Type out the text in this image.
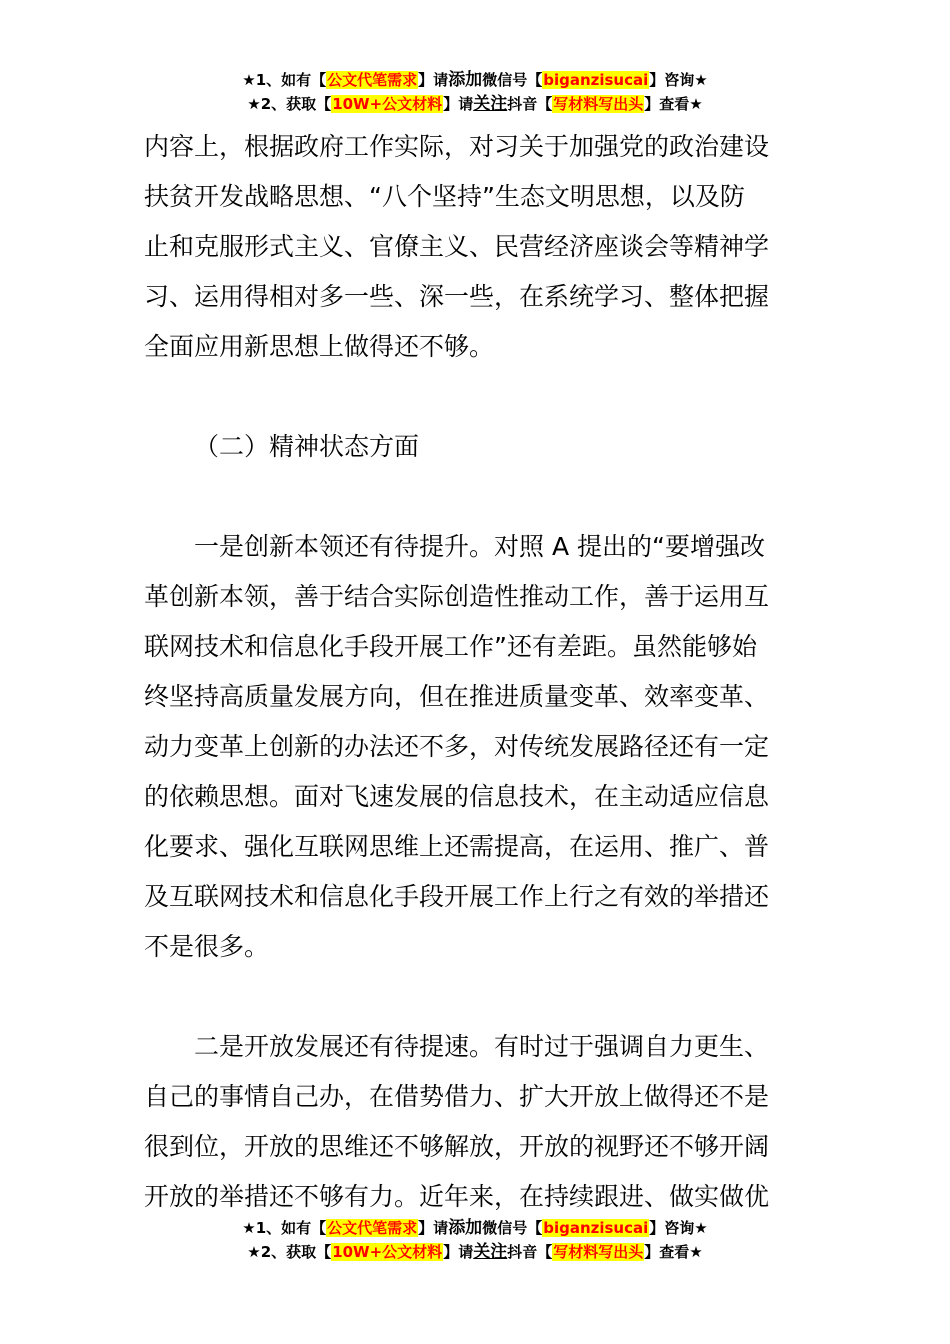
★1、如有【公文代笔需求】请添加微信号【biganzisucai】咨询★
★2、获取【10W+公文材料】请关注抖音【写材料写出头】查看★

内容上，根据政府工作实际，对习关于加强党的政治建设

扶贫开发战略思想、“八个坚持”生态文明思想，以及防

止和克服形式主义、官僚主义、民营经济座谈会等精神学

习、运用得相对多一些、深一些，在系统学习、整体把握

全面应用新思想上做得还不够。

（二）精神状态方面

一是创新本领还有待提升。对照 A 提出的“要增强改

革创新本领，善于结合实际创造性推动工作，善于运用互

联网技术和信息化手段开展工作”还有差距。虽然能够始

终坚持高质量发展方向，但在推进质量变革、效率变革、

动力变革上创新的办法还不多，对传统发展路径还有一定

的依赖思想。面对飞速发展的信息技术，在主动适应信息

化要求、强化互联网思维上还需提高，在运用、推广、普

及互联网技术和信息化手段开展工作上行之有效的举措还

不是很多。

二是开放发展还有待提速。有时过于强调自力更生、

自己的事情自己办，在借势借力、扩大开放上做得还不是

很到位，开放的思维还不够解放，开放的视野还不够开阔

开放的举措还不够有力。近年来，在持续跟进、做实做优

★1、如有【公文代笔需求】请添加微信号【biganzisucai】咨询★
★2、获取【10W+公文材料】请关注抖音【写材料写出头】查看★
